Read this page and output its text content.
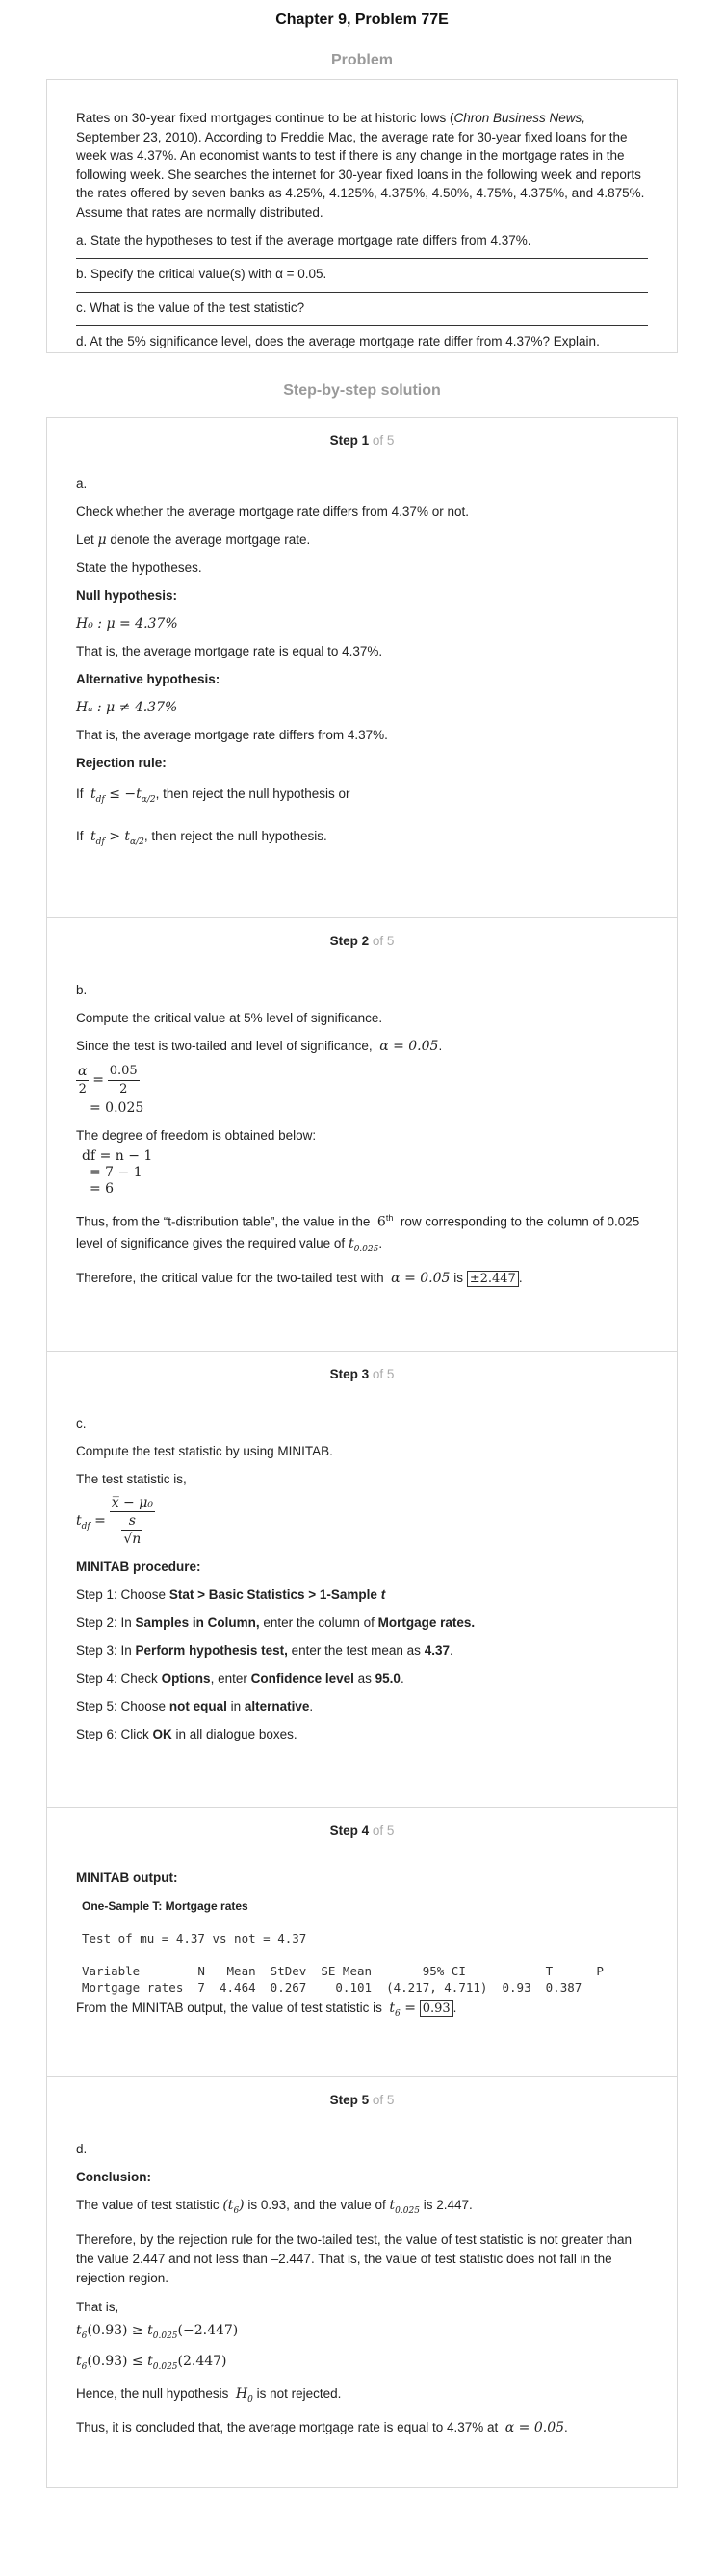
Chapter 9, Problem 77E
Problem

Rates on 30-year fixed mortgages continue to be at historic lows (Chron Business News, September 23, 2010). According to Freddie Mac, the average rate for 30-year fixed loans for the week was 4.37%. An economist wants to test if there is any change in the mortgage rates in the following week. She searches the internet for 30-year fixed loans in the following week and reports the rates offered by seven banks as 4.25%, 4.125%, 4.375%, 4.50%, 4.75%, 4.375%, and 4.875%. Assume that rates are normally distributed.

a. State the hypotheses to test if the average mortgage rate differs from 4.37%.
b. Specify the critical value(s) with α = 0.05.
c. What is the value of the test statistic?
d. At the 5% significance level, does the average mortgage rate differ from 4.37%? Explain.
Step-by-step solution
Step 1 of 5
a.
Check whether the average mortgage rate differs from 4.37% or not.
Let μ denote the average mortgage rate.
State the hypotheses.
Null hypothesis:
H₀ : μ = 4.37%
That is, the average mortgage rate is equal to 4.37%.
Alternative hypothesis:
Hₐ : μ ≠ 4.37%
That is, the average mortgage rate differs from 4.37%.
Rejection rule:
If $t_{df} \le -t_{\alpha/2}$, then reject the null hypothesis or
If $t_{df} > t_{\alpha/2}$, then reject the null hypothesis.
Step 2 of 5
b.
Compute the critical value at 5% level of significance.
Since the test is two-tailed and level of significance, α = 0.05.
$\frac{\alpha}{2} = \frac{0.05}{2}$
= 0.025
The degree of freedom is obtained below:
df = n − 1
= 7 − 1
= 6
Thus, from the “t-distribution table”, the value in the 6th row corresponding to the column of 0.025 level of significance gives the required value of $t_{0.025}$.
Therefore, the critical value for the two-tailed test with α = 0.05 is ±2.447 .
Step 3 of 5
c.
Compute the test statistic by using MINITAB.
The test statistic is,
$t_{df} = \frac{\text{x̅ − μ₀}}{\frac{s}{√n}}$
MINITAB procedure:
Step 1: Choose Stat > Basic Statistics > 1-Sample t
Step 2: In Samples in Column, enter the column of Mortgage rates.
Step 3: In Perform hypothesis test, enter the test mean as 4.37.
Step 4: Check Options, enter Confidence level as 95.0.
Step 5: Choose not equal in alternative.
Step 6: Click OK in all dialogue boxes.
Step 4 of 5
MINITAB output:
One-Sample T: Mortgage rates
Test of mu = 4.37 vs not = 4.37
Variable        N   Mean  StDev  SE Mean       95% CI           T      P
Mortgage rates  7  4.464  0.267    0.101  (4.217, 4.711)  0.93  0.387
From the MINITAB output, the value of test statistic is $t_6 = 0.93$ .
Step 5 of 5
d.
Conclusion:
The value of test statistic $(t_6)$ is 0.93, and the value of $t_{0.025}$ is 2.447.
Therefore, by the rejection rule for the two-tailed test, the value of test statistic is not greater than the value 2.447 and not less than –2.447. That is, the value of test statistic does not fall in the rejection region.
That is,
$t_6(0.93) \ge t_{0.025}(-2.447)$
$t_6(0.93) \le t_{0.025}(2.447)$
Hence, the null hypothesis $H_0$ is not rejected.
Thus, it is concluded that, the average mortgage rate is equal to 4.37% at α = 0.05.
